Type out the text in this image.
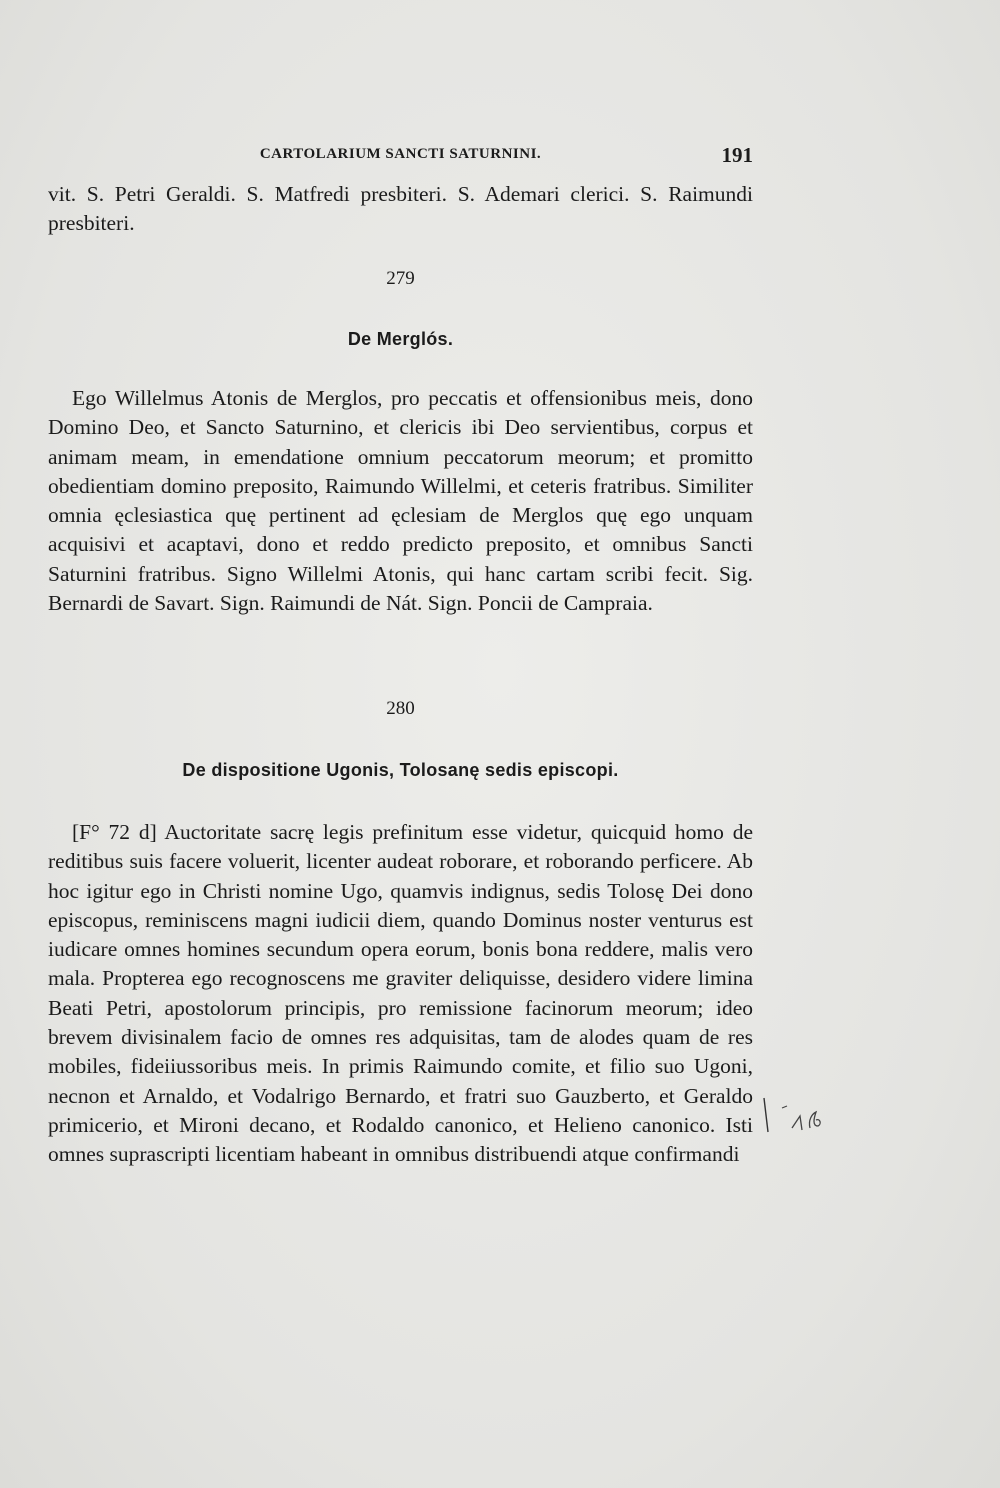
CARTOLARIUM SANCTI SATURNINI.	191
vit. S. Petri Geraldi. S. Matfredi presbiteri. S. Ademari clerici. S. Raimundi presbiteri.
279
De Merglós.
Ego Willelmus Atonis de Merglos, pro peccatis et offensionibus meis, dono Domino Deo, et Sancto Saturnino, et clericis ibi Deo servientibus, corpus et animam meam, in emendatione omnium peccatorum meorum; et promitto obedientiam domino preposito, Raimundo Willelmi, et ceteris fratribus. Similiter omnia ęclesiastica quę pertinent ad ęclesiam de Merglos quę ego unquam acquisivi et acaptavi, dono et reddo predicto preposito, et omnibus Sancti Saturnini fratribus. Signo Willelmi Atonis, qui hanc cartam scribi fecit. Sig. Bernardi de Savart. Sign. Raimundi de Nát. Sign. Poncii de Campraia.
280
De dispositione Ugonis, Tolosanę sedis episcopi.
[F° 72 d] Auctoritate sacrę legis prefinitum esse videtur, quicquid homo de reditibus suis facere voluerit, licenter audeat roborare, et roborando perficere. Ab hoc igitur ego in Christi nomine Ugo, quamvis indignus, sedis Tolosę Dei dono episcopus, reminiscens magni iudicii diem, quando Dominus noster venturus est iudicare omnes homines secundum opera eorum, bonis bona reddere, malis vero mala. Propterea ego recognoscens me graviter deliquisse, desidero videre limina Beati Petri, apostolorum principis, pro remissione facinorum meorum; ideo brevem divisinalem facio de omnes res adquisitas, tam de alodes quam de res mobiles, fideiiussoribus meis. In primis Raimundo comite, et filio suo Ugoni, necnon et Arnaldo, et Vodalrigo Bernardo, et fratri suo Gauzberto, et Geraldo primicerio, et Mironi decano, et Rodaldo canonico, et Helieno canonico. Isti omnes suprascripti licentiam habeant in omnibus distribuendi atque confirmandi
